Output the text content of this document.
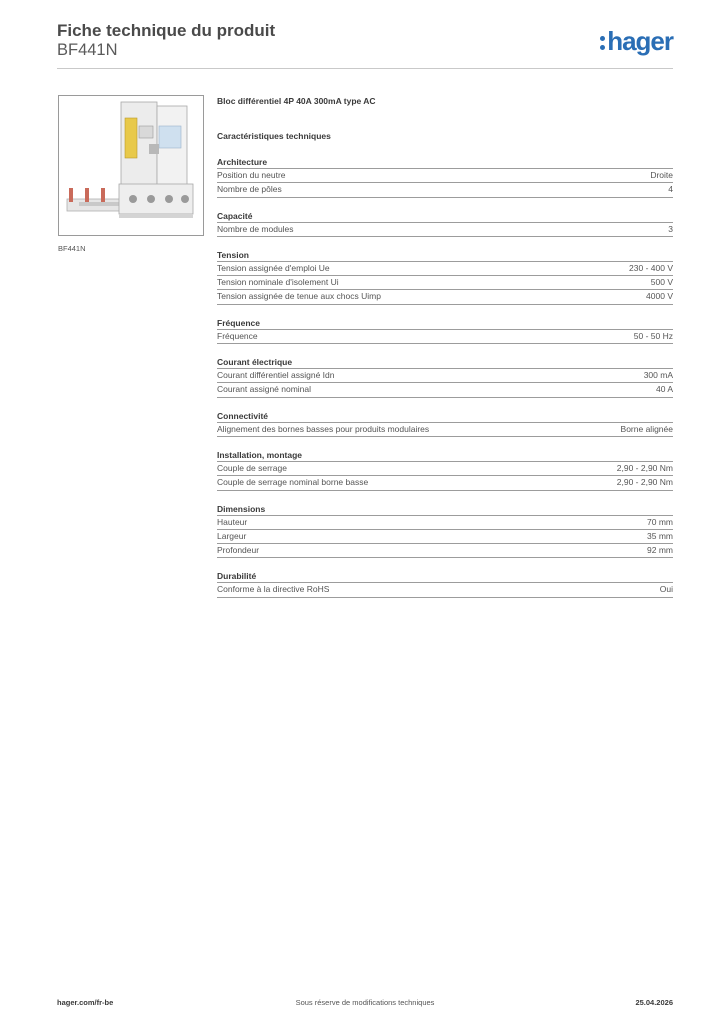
Fiche technique du produit
BF441N	hager
BF441N
Bloc différentiel 4P 40A 300mA type AC
Caractéristiques techniques
Architecture
Position du neutre	Droite
Nombre de pôles	4
Capacité
Nombre de modules	3
Tension
Tension assignée d'emploi Ue	230 - 400 V
Tension nominale d'isolement Ui	500 V
Tension assignée de tenue aux chocs Uimp	4000 V
Fréquence
Fréquence	50 - 50 Hz
Courant électrique
Courant différentiel assigné Idn	300 mA
Courant assigné nominal	40 A
Connectivité
Alignement des bornes basses pour produits modulaires	Borne alignée
Installation, montage
Couple de serrage	2,90 - 2,90 Nm
Couple de serrage nominal borne basse	2,90 - 2,90 Nm
Dimensions
Hauteur	70 mm
Largeur	35 mm
Profondeur	92 mm
Durabilité
Conforme à la directive RoHS	Oui
hager.com/fr-be	Sous réserve de modifications techniques	25.04.2026
